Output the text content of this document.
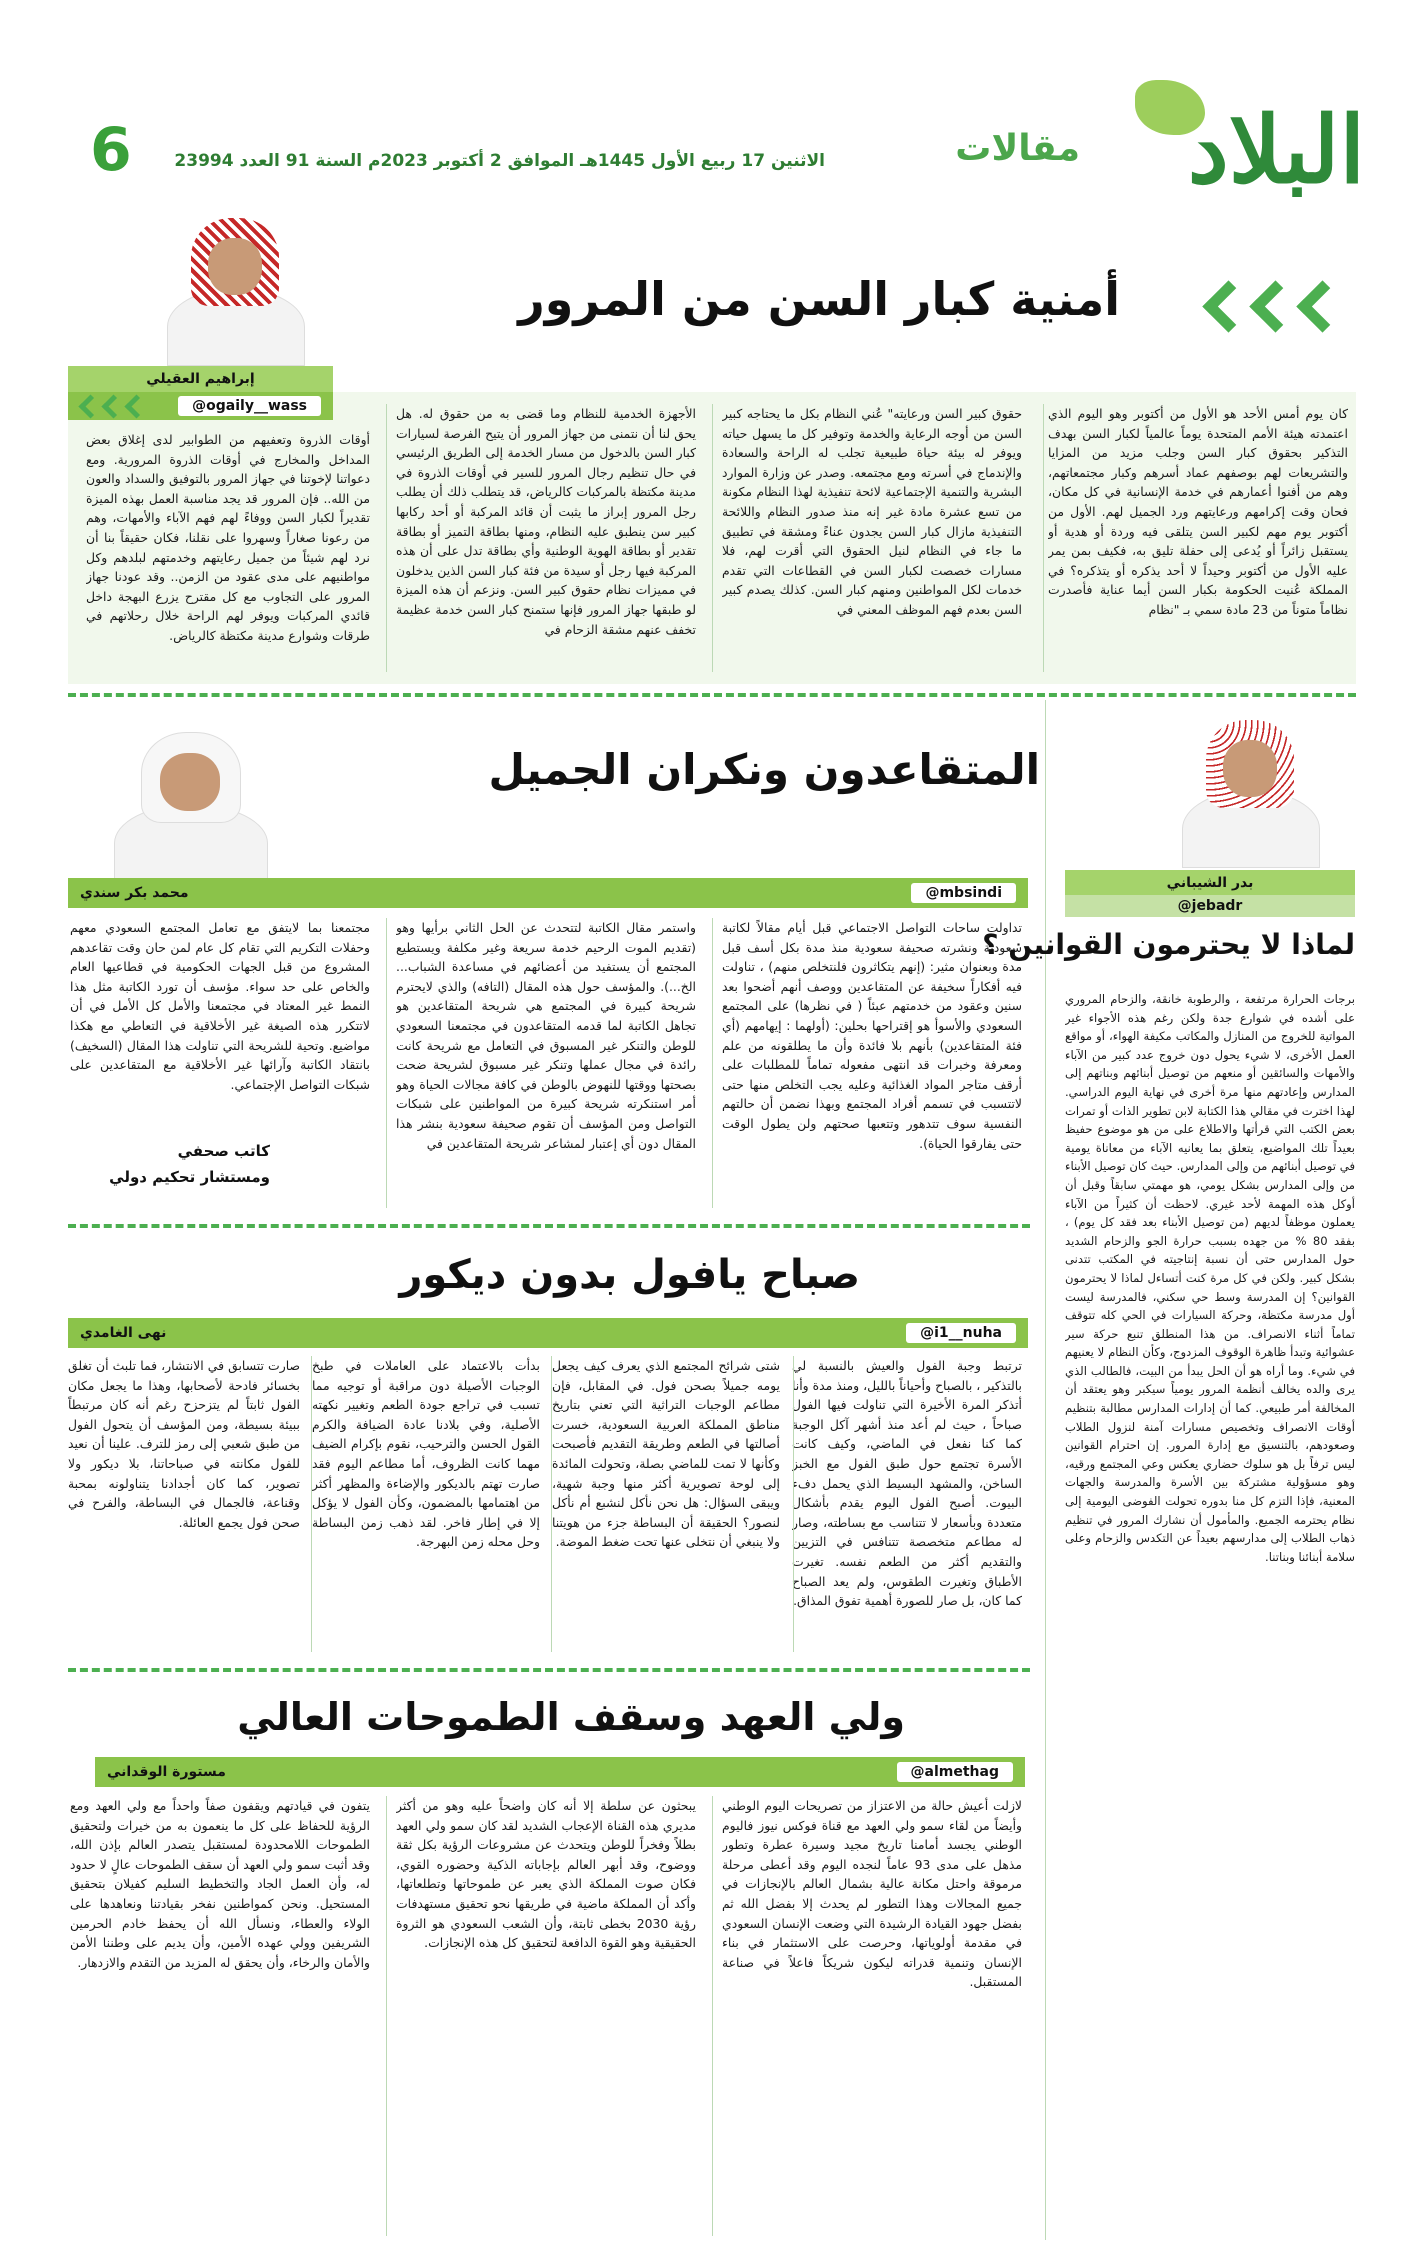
البلاد
مقالات
الاثنين 17 ربيع الأول 1445هـ الموافق 2 أكتوبر 2023م السنة 91 العدد 23994
6
أمنية كبار السن من المرور
إبراهيم العقيلي
@ogaily__wass	كان يوم أمس الأحد هو الأول من أكتوبر وهو اليوم الذي اعتمدته هيئة الأمم المتحدة يوماً عالمياً لكبار السن بهدف التذكير بحقوق كبار السن وجلب مزيد من المزايا والتشريعات لهم بوصفهم عماد أسرهم وكبار مجتمعاتهم، وهم من أفنوا أعمارهم في خدمة الإنسانية في كل مكان، فحان وقت إكرامهم ورعايتهم ورد الجميل لهم. الأول من أكتوبر يوم مهم لكبير السن يتلقى فيه وردة أو هدية أو يستقبل زائراً أو يُدعى إلى حفلة تليق به، فكيف بمن يمر عليه الأول من أكتوبر وحيداً لا أحد يذكره أو يتذكره؟ في المملكة عُنيت الحكومة بكبار السن أيما عناية فأصدرت نظاماً متوناً من 23 مادة سمي بـ "نظام
حقوق كبير السن ورعايته" عُني النظام بكل ما يحتاجه كبير السن من أوجه الرعاية والخدمة وتوفير كل ما يسهل حياته ويوفر له بيئة حياة طبيعية تجلب له الراحة والسعادة والإندماج في أسرته ومع مجتمعه. وصدر عن وزارة الموارد البشرية والتنمية الإجتماعية لائحة تنفيذية لهذا النظام مكونة من تسع عشرة مادة غير إنه منذ صدور النظام واللائحة التنفيذية مازال كبار السن يجدون عناءً ومشقة في تطبيق ما جاء في النظام لنيل الحقوق التي أقرت لهم، فلا مسارات خصصت لكبار السن في القطاعات التي تقدم خدمات لكل المواطنين ومنهم كبار السن. كذلك يصدم كبير السن بعدم فهم الموظف المعني في
الأجهزة الخدمية للنظام وما قضى به من حقوق له. هل يحق لنا أن نتمنى من جهاز المرور أن يتيح الفرصة لسيارات كبار السن بالدخول من مسار الخدمة إلى الطريق الرئيسي في حال تنظيم رجال المرور للسير في أوقات الذروة في مدينة مكتظة بالمركبات كالرياض، قد يتطلب ذلك أن يطلب رجل المرور إبراز ما يثبت أن قائد المركبة أو أحد ركابها كبير سن ينطبق عليه النظام، ومنها بطاقة التميز أو بطاقة تقدير أو بطاقة الهوية الوطنية وأي بطاقة تدل على أن هذه المركبة فيها رجل أو سيدة من فئة كبار السن الذين يدخلون في مميزات نظام حقوق كبير السن. ونزعم أن هذه الميزة لو طبقها جهاز المرور فإنها ستمنح كبار السن خدمة عظيمة تخفف عنهم مشقة الزحام في
أوقات الذروة وتعفيهم من الطوابير لدى إغلاق بعض المداخل والمخارج في أوقات الذروة المرورية. ومع دعواتنا لإخوتنا في جهاز المرور بالتوفيق والسداد والعون من الله.. فإن المرور قد يجد مناسبة العمل بهذه الميزة تقديراً لكبار السن ووفاءً لهم فهم الآباء والأمهات، وهم من رعونا صغاراً وسهروا على نقلنا، فكان حقيقاً بنا أن نرد لهم شيئاً من جميل رعايتهم وخدمتهم لبلدهم وكل مواطنيهم على مدى عقود من الزمن.. وقد عودنا جهاز المرور على التجاوب مع كل مقترح يزرع البهجة داخل قائدي المركبات ويوفر لهم الراحة خلال رحلاتهم في طرقات وشوارع مدينة مكتظة كالرياض.
المتقاعدون ونكران الجميل
@mbsindi
محمد بكر سندي
تداولت ساحات التواصل الاجتماعي قبل أيام مقالاً لكاتبة سعودية ونشرته صحيفة سعودية منذ مدة بكل أسف قبل مدة وبعنوان مثير: (إنهم يتكاثرون فلنتخلص منهم) ، تناولت فيه أفكاراً سخيفة عن المتقاعدين ووصف أنهم أضحوا بعد سنين وعقود من خدمتهم عبئاً ( في نظرها) على المجتمع السعودي والأسوأ هو إقتراحها بحلين: (أولهما : إيهامهم (أي فئة المتقاعدين) بأنهم بلا فائدة وأن ما يطلقونه من علم ومعرفة وخبرات قد انتهى مفعوله تماماً للمطلبات على أرقف متاجر المواد الغذائية وعليه يجب التخلص منها حتى لاتتسبب في تسمم أفراد المجتمع وبهذا نضمن أن حالتهم النفسية سوف تتدهور وتتعبها صحتهم ولن يطول الوقت حتى يفارقوا الحياة).
واستمر مقال الكاتبة لتتحدث عن الحل الثاني برأيها وهو (تقديم الموت الرحيم خدمة سريعة وغير مكلفة ويستطيع المجتمع أن يستفيد من أعضائهم في مساعدة الشباب... الخ...). والمؤسف حول هذه المقال (التافه) والذي لايحترم شريحة كبيرة في المجتمع هي شريحة المتقاعدين هو تجاهل الكاتبة لما قدمه المتقاعدون في مجتمعنا السعودي للوطن والتنكر غير المسبوق في التعامل مع شريحة كانت رائدة في مجال عملها وتنكر غير مسبوق لشريحة ضحت بصحتها ووقتها للنهوض بالوطن في كافة مجالات الحياة وهو أمر استنكرته شريحة كبيرة من المواطنين على شبكات التواصل ومن المؤسف أن تقوم صحيفة سعودية بنشر هذا المقال دون أي إعتبار لمشاعر شريحة المتقاعدين في
مجتمعنا بما لايتفق مع تعامل المجتمع السعودي معهم وحفلات التكريم التي تقام كل عام لمن حان وقت تقاعدهم المشروع من قبل الجهات الحكومية في قطاعيها العام والخاص على حد سواء. مؤسف أن تورد الكاتبة مثل هذا النمط غير المعتاد في مجتمعنا والأمل كل الأمل في أن لاتتكرر هذه الصيغة غير الأخلاقية في التعاطي مع هكذا مواضيع. وتحية للشريحة التي تناولت هذا المقال (السخيف) بانتقاد الكاتبة وآرائها غير الأخلاقية مع المتقاعدين على شبكات التواصل الإجتماعي.
كاتب صحفي
ومستشار تحكيم دولي
بدر الشيباني
@jebadr
لماذا لا يحترمون القوانين ؟
برجات الحرارة مرتفعة ، والرطوبة خانقة، والزحام المروري على أشده في شوارع جدة ولكن رغم هذه الأجواء غير المواتية للخروج من المنازل والمكاتب مكيفة الهواء، أو مواقع العمل الأخرى، لا شيء يحول دون خروج عدد كبير من الآباء والأمهات والسائقين أو منعهم من توصيل أبنائهم وبناتهم إلى المدارس وإعادتهم منها مرة أخرى في نهاية اليوم الدراسي. لهذا اخترت في مقالي هذا الكتابة لابن تطوير الذات أو تمرات بعض الكتب التي قرأتها والاطلاع على من هو موضوع حفيظ بعيداً تلك المواضيع، يتعلق بما يعانيه الآباء من معاناة يومية في توصيل أبنائهم من وإلى المدارس. حيث كان توصيل الأبناء من وإلى المدارس بشكل يومي، هو مهمتي سابقاً وقبل أن أوكل هذه المهمة لأحد غيري. لاحظت أن كثيراً من الآباء يعملون موظفاً لديهم (من توصيل الأبناء بعد فقد كل يوم) ، بفقد 80 % من جهده بسبب حرارة الجو والزحام الشديد حول المدارس حتى أن نسبة إنتاجيته في المكتب تتدنى بشكل كبير. ولكن في كل مرة كنت أتساءل لماذا لا يحترمون القوانين؟ إن المدرسة وسط حي سكني، فالمدرسة ليست أول مدرسة مكتظة، وحركة السيارات في الحي كله تتوقف تماماً أثناء الانصراف. من هذا المنطلق تنبع حركة سير عشوائية وتبدأ ظاهرة الوقوف المزدوج، وكأن النظام لا يعنيهم في شيء. وما أراه هو أن الحل يبدأ من البيت، فالطالب الذي يرى والده يخالف أنظمة المرور يومياً سيكبر وهو يعتقد أن المخالفة أمر طبيعي. كما أن إدارات المدارس مطالبة بتنظيم أوقات الانصراف وتخصيص مسارات آمنة لنزول الطلاب وصعودهم، بالتنسيق مع إدارة المرور. إن احترام القوانين ليس ترفاً بل هو سلوك حضاري يعكس وعي المجتمع ورقيه، وهو مسؤولية مشتركة بين الأسرة والمدرسة والجهات المعنية، فإذا التزم كل منا بدوره تحولت الفوضى اليومية إلى نظام يحترمه الجميع. والمأمول أن نشارك المرور في تنظيم ذهاب الطلاب إلى مدارسهم بعيداً عن التكدس والزحام وعلى سلامة أبنائنا وبناتنا.
صباح يافول بدون ديكور
@i1__nuha
نهى الغامدي
ترتبط وجبة الفول والعيش بالنسبة لي بالتذكير ، بالصباح وأحياناً بالليل، ومنذ مدة وأنا أتذكر المرة الأخيرة التي تناولت فيها الفول صباحاً ، حيث لم أعد منذ أشهر آكل الوجبة كما كنا نفعل في الماضي، وكيف كانت الأسرة تجتمع حول طبق الفول مع الخبز الساخن، والمشهد البسيط الذي يحمل دفء البيوت. أصبح الفول اليوم يقدم بأشكال متعددة وبأسعار لا تتناسب مع بساطته، وصار له مطاعم متخصصة تتنافس في التزيين والتقديم أكثر من الطعم نفسه. تغيرت الأطباق وتغيرت الطقوس، ولم يعد الصباح كما كان، بل صار للصورة أهمية تفوق المذاق.
شتى شرائح المجتمع الذي يعرف كيف يجعل يومه جميلاً بصحن فول. في المقابل، فإن مطاعم الوجبات التراثية التي تعني بتاريخ مناطق المملكة العربية السعودية، خسرت أصالتها في الطعم وطريقة التقديم فأصبحت وكأنها لا تمت للماضي بصلة، وتحولت المائدة إلى لوحة تصويرية أكثر منها وجبة شهية، ويبقى السؤال: هل نحن نأكل لنشبع أم نأكل لنصور؟ الحقيقة أن البساطة جزء من هويتنا ولا ينبغي أن نتخلى عنها تحت ضغط الموضة.
بدأت بالاعتماد على العاملات في طبخ الوجبات الأصيلة دون مراقبة أو توجيه مما تسبب في تراجع جودة الطعم وتغيير نكهته الأصلية، وفي بلادنا عادة الضيافة والكرم القول الحسن والترحيب، نقوم بإكرام الضيف مهما كانت الظروف، أما مطاعم اليوم فقد صارت تهتم بالديكور والإضاءة والمظهر أكثر من اهتمامها بالمضمون، وكأن الفول لا يؤكل إلا في إطار فاخر. لقد ذهب زمن البساطة وحل محله زمن البهرجة.
صارت تتسابق في الانتشار، فما تلبث أن تغلق بخسائر فادحة لأصحابها، وهذا ما يجعل مكان الفول ثابتاً لم يتزحزح رغم أنه كان مرتبطاً ببيئة بسيطة، ومن المؤسف أن يتحول الفول من طبق شعبي إلى رمز للترف. علينا أن نعيد للفول مكانته في صباحاتنا، بلا ديكور ولا تصوير، كما كان أجدادنا يتناولونه بمحبة وقناعة، فالجمال في البساطة، والفرح في صحن فول يجمع العائلة.
ولي العهد وسقف الطموحات العالي
@almethag
مستورة الوقداني
لازلت أعيش حالة من الاعتزاز من تصريحات اليوم الوطني وأيضاً من لقاء سمو ولي العهد مع قناة فوكس نيوز فاليوم الوطني يجسد أمامنا تاريخ مجيد وسيرة عطرة وتطور مذهل على مدى 93 عاماً لنجده اليوم وقد أعطى مرحلة مرموقة واحتل مكانة عالية بشمال العالم بالإنجازات في جميع المجالات وهذا التطور لم يحدث إلا بفضل الله ثم بفضل جهود القيادة الرشيدة التي وضعت الإنسان السعودي في مقدمة أولوياتها، وحرصت على الاستثمار في بناء الإنسان وتنمية قدراته ليكون شريكاً فاعلاً في صناعة المستقبل.
يبحثون عن سلطة إلا أنه كان واضحاً عليه وهو من أكثر مديري هذه القناة الإعجاب الشديد لقد كان سمو ولي العهد بطلاً وفخراً للوطن ويتحدث عن مشروعات الرؤية بكل ثقة ووضوح، وقد أبهر العالم بإجاباته الذكية وحضوره القوي، فكان صوت المملكة الذي يعبر عن طموحاتها وتطلعاتها، وأكد أن المملكة ماضية في طريقها نحو تحقيق مستهدفات رؤية 2030 بخطى ثابتة، وأن الشعب السعودي هو الثروة الحقيقية وهو القوة الدافعة لتحقيق كل هذه الإنجازات.
يتفون في قيادتهم ويقفون صفاً واحداً مع ولي العهد ومع الرؤية للحفاظ على كل ما ينعمون به من خيرات ولتحقيق الطموحات اللامحدودة لمستقبل يتصدر العالم بإذن الله، وقد أثبت سمو ولي العهد أن سقف الطموحات عالٍ لا حدود له، وأن العمل الجاد والتخطيط السليم كفيلان بتحقيق المستحيل. ونحن كمواطنين نفخر بقيادتنا ونعاهدها على الولاء والعطاء، ونسأل الله أن يحفظ خادم الحرمين الشريفين وولي عهده الأمين، وأن يديم على وطننا الأمن والأمان والرخاء، وأن يحقق له المزيد من التقدم والازدهار.
